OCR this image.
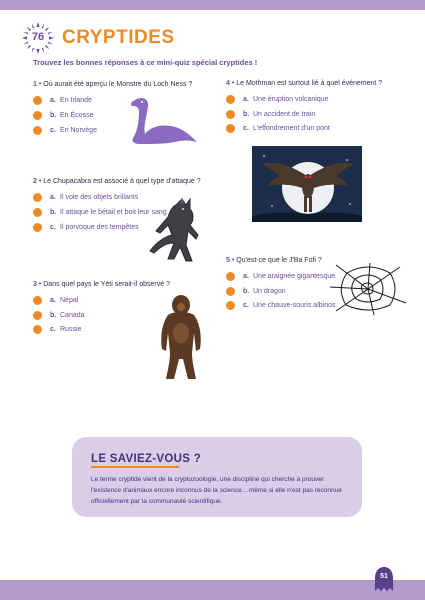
76 CRYPTIDES
Trouvez les bonnes réponses à ce mini-quiz spécial cryptides !
1 • Où aurait été aperçu le Monstre du Loch Ness ?
a. En Irlande
b. En Écosse
c. En Norvège
2 • Le Chupacabra est associé à quel type d'attaque ?
a. Il vole des objets brillants
b. Il attaque le bétail et boit leur sang
c. Il porvoque des tempêtes
3 • Dans quel pays le Yéti serait-il observé ?
a. Népal
b. Canada
c. Russie
4 • Le Mothman est surtout lié à quel événement ?
a. Une éruption volcanique
b. Un accident de train
c. L'effondrement d'un pont
5 • Qu'est-ce que le J'Ba Fofi ?
a. Une araignée gigantesque
b. Un dragon
c. Une chauve-souris albinos
LE SAVIEZ-VOUS ?
Le terme cryptide vient de la cryptozoologie, une discipline qui cherche à prouver l'existence d'animaux encore inconnus de la science... même si elle n'est pas reconnue officiellement par la communauté scientifique.
51
